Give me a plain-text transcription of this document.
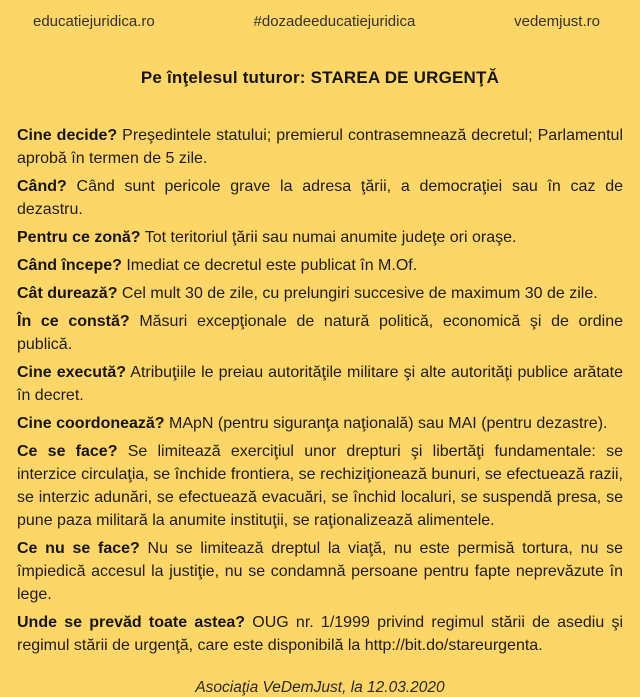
educatiejuridica.ro	#dozadeeducatiejuridica	vedemjust.ro
Pe înţelesul tuturor: STAREA DE URGENŢĂ

Cine decide? Preşedintele statului; premierul contrasemnează decretul; Parlamentul aprobă în termen de 5 zile.

Când? Când sunt pericole grave la adresa ţării, a democraţiei sau în caz de dezastru.

Pentru ce zonă? Tot teritoriul ţării sau numai anumite judeţe ori oraşe.

Când începe? Imediat ce decretul este publicat în M.Of.

Cât durează? Cel mult 30 de zile, cu prelungiri succesive de maximum 30 de zile.

În ce constă? Măsuri excepţionale de natură politică, economică şi de ordine publică.

Cine execută? Atribuţiile le preiau autorităţile militare şi alte autorităţi publice arătate în decret.

Cine coordonează? MApN (pentru siguranţa naţională) sau MAI (pentru dezastre).

Ce se face? Se limitează exerciţiul unor drepturi şi libertăţi fundamentale: se interzice circulaţia, se închide frontiera, se rechiziţionează bunuri, se efectuează razii, se interzic adunări, se efectuează evacuări, se închid localuri, se suspendă presa, se pune paza militară la anumite instituţii, se raţionalizează alimentele.

Ce nu se face? Nu se limitează dreptul la viaţă, nu este permisă tortura, nu se împiedică accesul la justiţie, nu se condamnă persoane pentru fapte neprevăzute în lege.

Unde se prevăd toate astea? OUG nr. 1/1999 privind regimul stării de asediu şi regimul stării de urgenţă, care este disponibilă la http://bit.do/stareurgenta.

Asociaţia VeDemJust, la 12.03.2020
